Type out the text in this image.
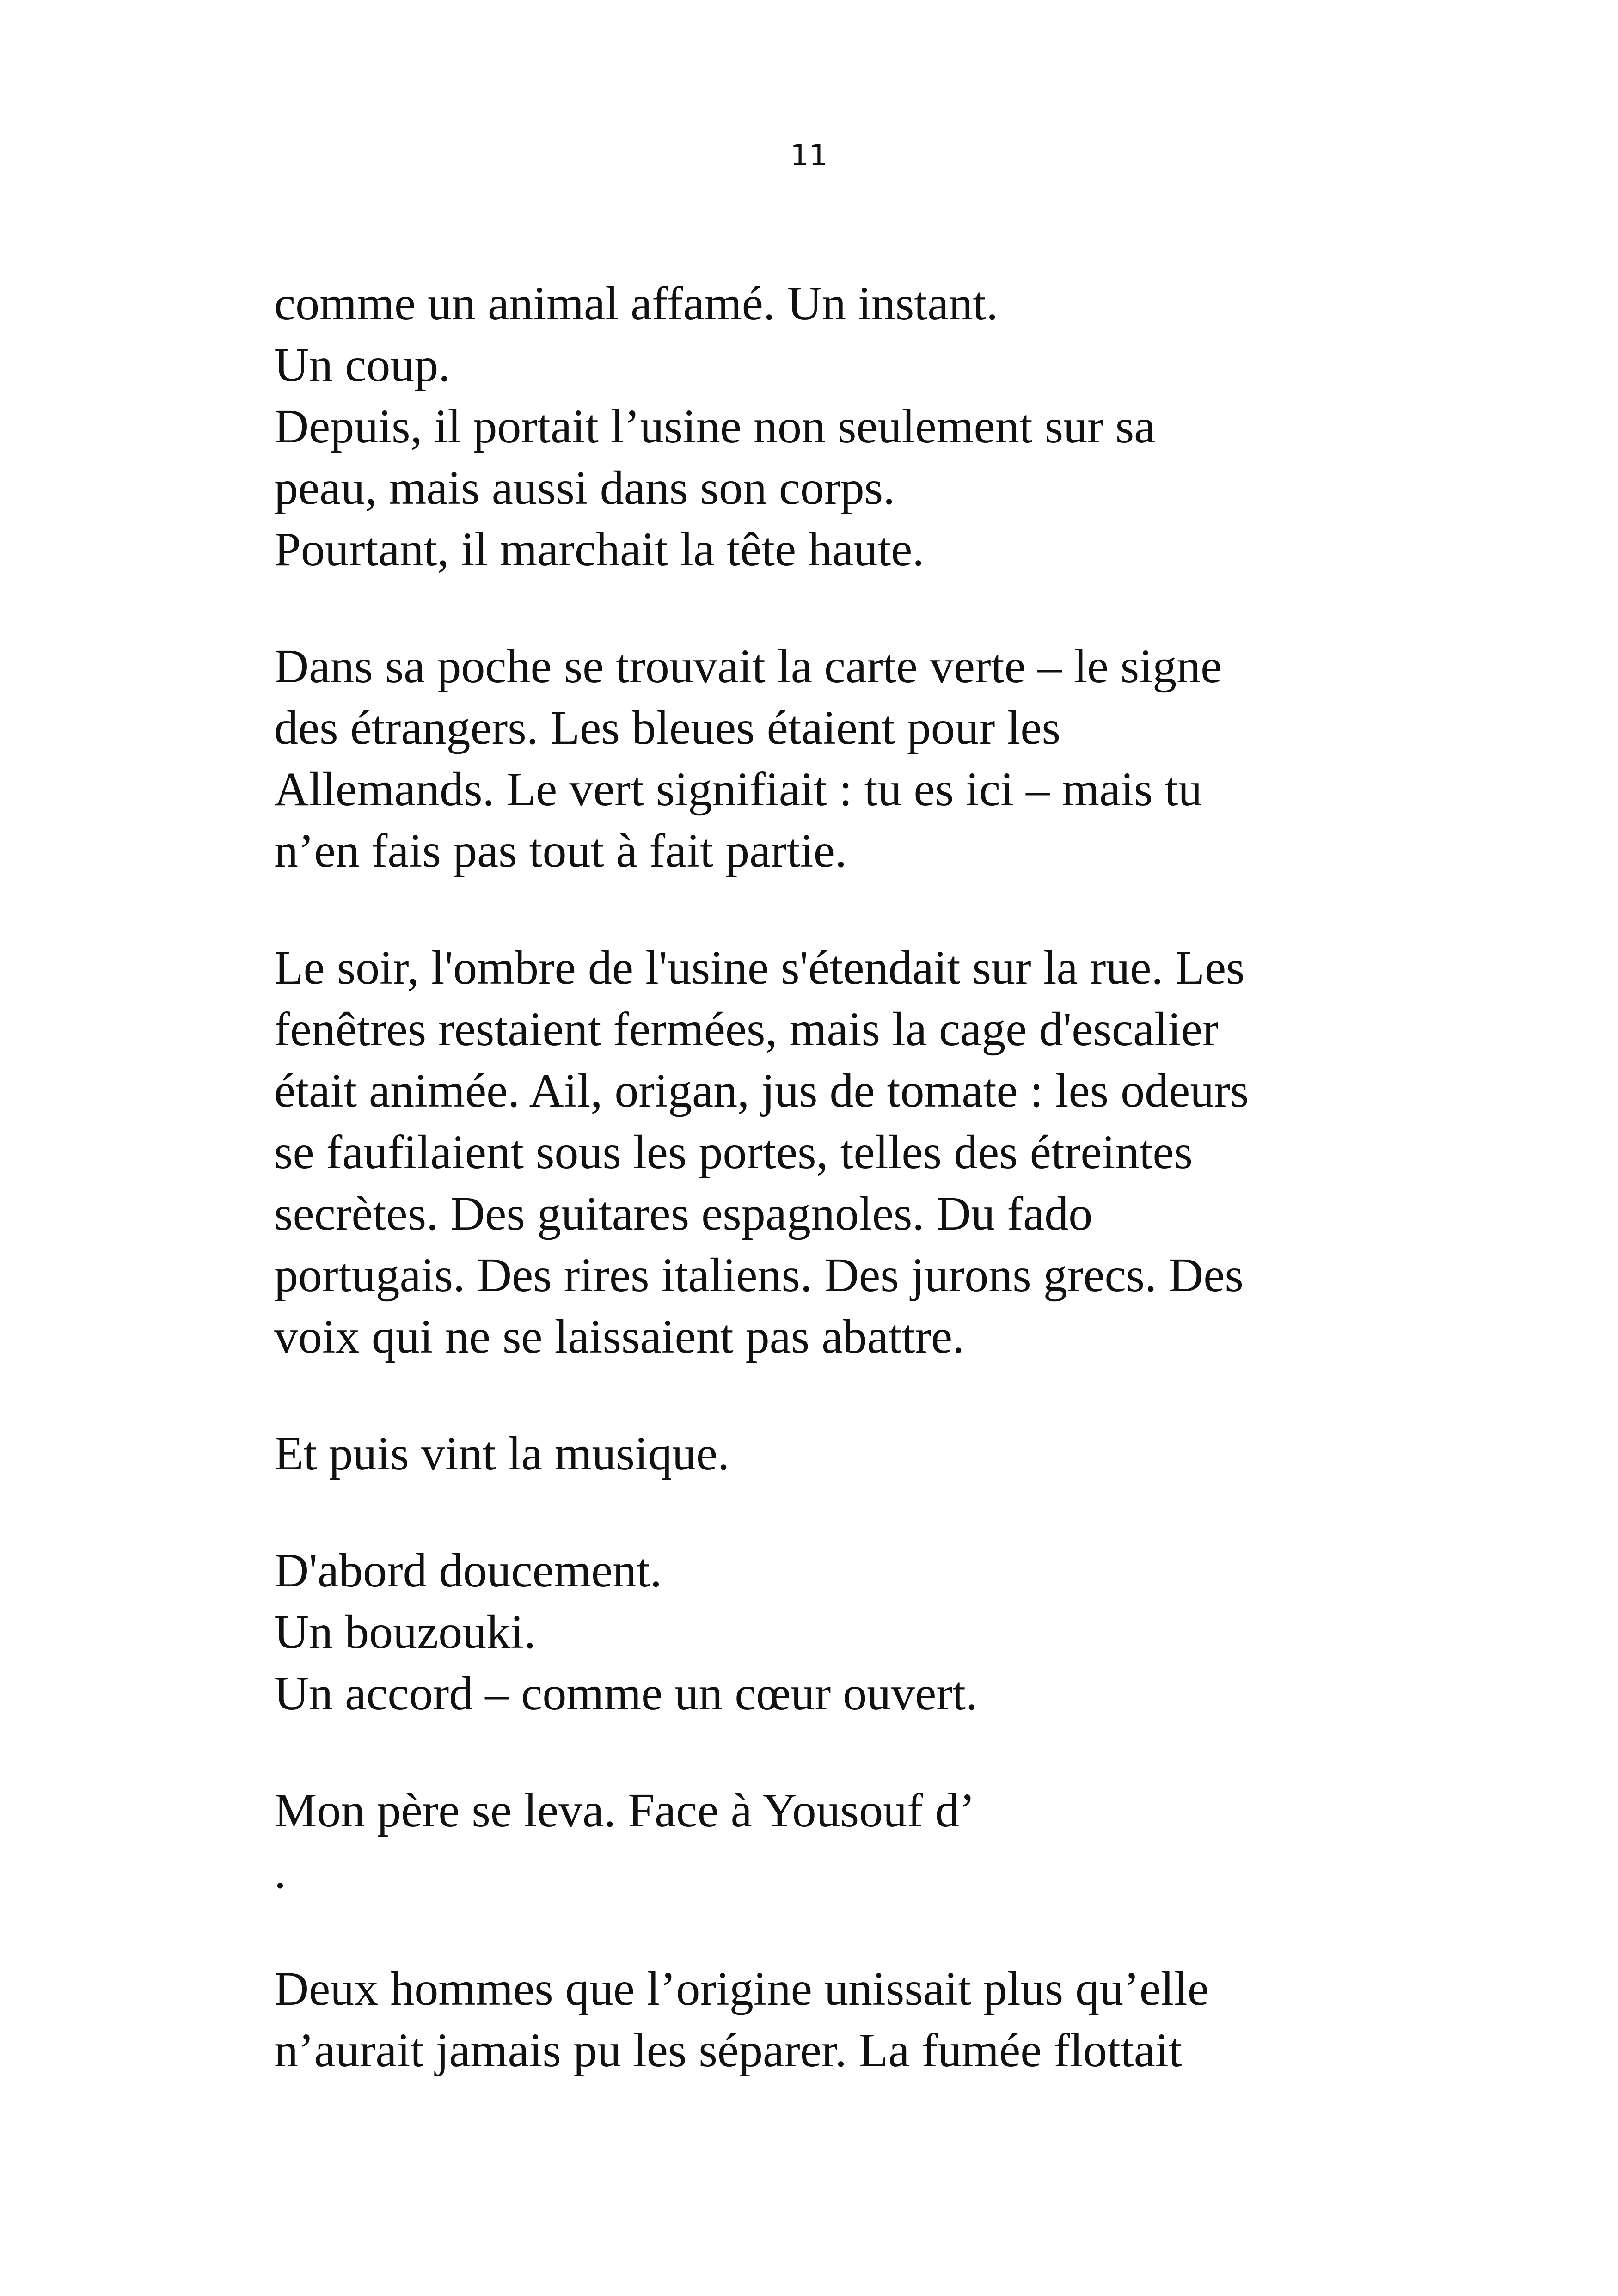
11

comme un animal affamé. Un instant.
Un coup.
Depuis, il portait l’usine non seulement sur sa
peau, mais aussi dans son corps.
Pourtant, il marchait la tête haute.

Dans sa poche se trouvait la carte verte – le signe
des étrangers. Les bleues étaient pour les
Allemands. Le vert signifiait : tu es ici – mais tu
n’en fais pas tout à fait partie.

Le soir, l'ombre de l'usine s'étendait sur la rue. Les
fenêtres restaient fermées, mais la cage d'escalier
était animée. Ail, origan, jus de tomate : les odeurs
se faufilaient sous les portes, telles des étreintes
secrètes. Des guitares espagnoles. Du fado
portugais. Des rires italiens. Des jurons grecs. Des
voix qui ne se laissaient pas abattre.

Et puis vint la musique.

D'abord doucement.
Un bouzouki.
Un accord – comme un cœur ouvert.

Mon père se leva. Face à Yousouf d’
.

Deux hommes que l’origine unissait plus qu’elle
n’aurait jamais pu les séparer. La fumée flottait
